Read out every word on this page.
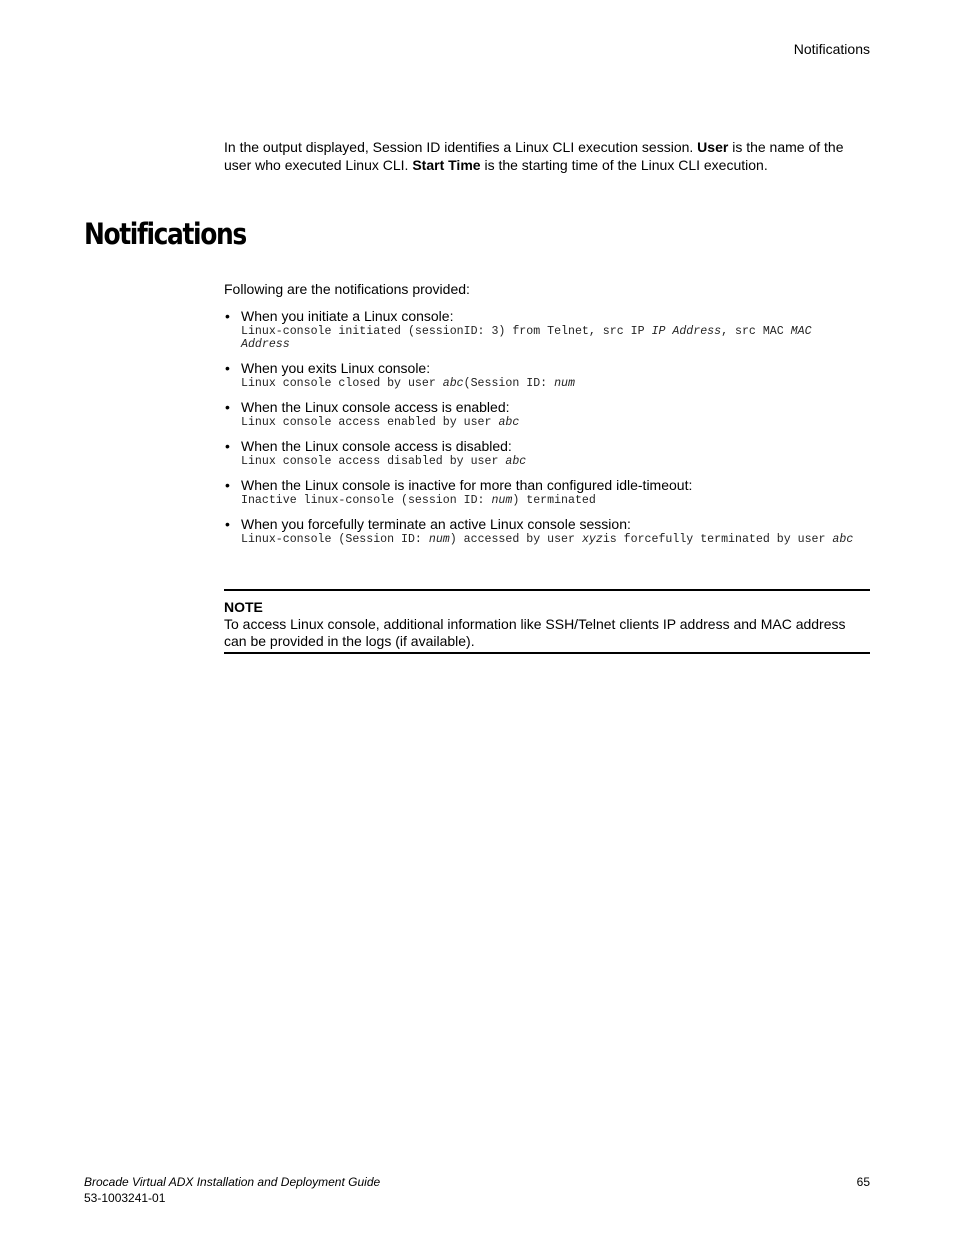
Notifications

In the output displayed, Session ID identifies a Linux CLI execution session. User is the name of the user who executed Linux CLI. Start Time is the starting time of the Linux CLI execution.

Notifications

Following are the notifications provided:

• When you initiate a Linux console:
Linux-console initiated (sessionID: 3) from Telnet, src IP IP Address, src MAC MAC Address
• When you exits Linux console:
Linux console closed by user abc(Session ID: num
• When the Linux console access is enabled:
Linux console access enabled by user abc
• When the Linux console access is disabled:
Linux console access disabled by user abc
• When the Linux console is inactive for more than configured idle-timeout:
Inactive linux-console (session ID: num) terminated
• When you forcefully terminate an active Linux console session:
Linux-console (Session ID: num) accessed by user xyzis forcefully terminated by user abc
NOTE
To access Linux console, additional information like SSH/Telnet clients IP address and MAC address can be provided in the logs (if available).
Brocade Virtual ADX Installation and Deployment Guide
53-1003241-01
65
